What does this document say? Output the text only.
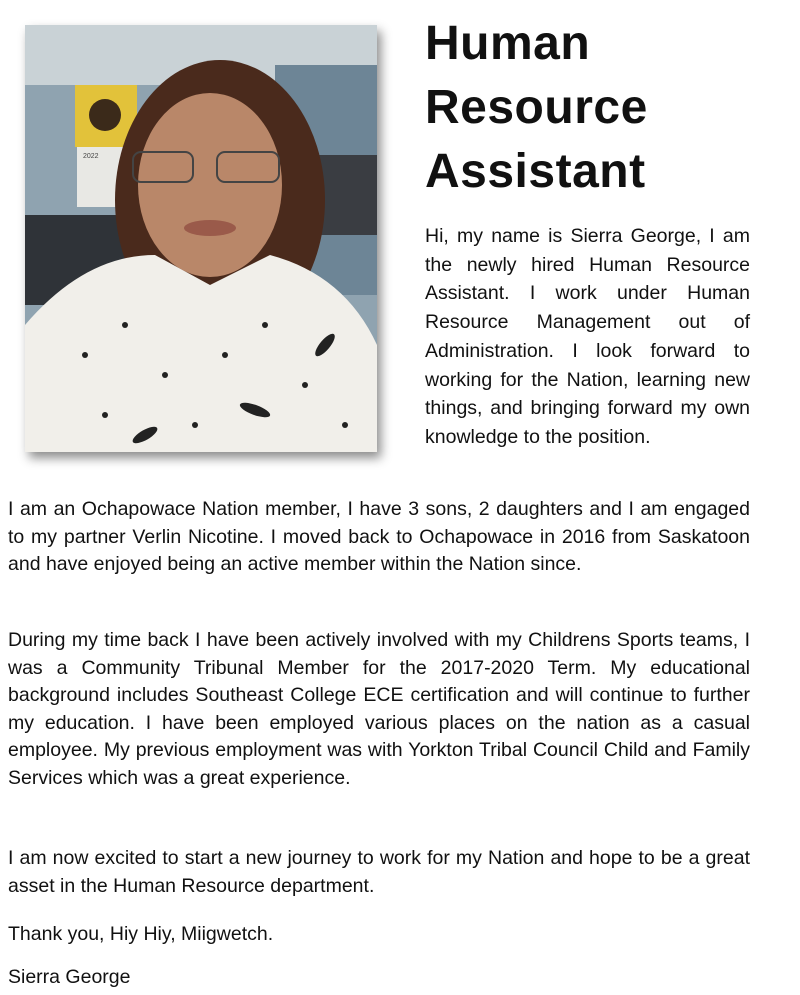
2022
Human
Resource
Assistant

Hi, my name is Sierra George, I am the newly hired Human Resource Assistant. I work under Human Resource Management out of Administration. I look forward to working for the Nation, learning new things, and bringing forward my own knowledge to the position.

I am an Ochapowace Nation member, I have 3 sons, 2 daughters and I am engaged to my partner Verlin Nicotine. I moved back to Ochapowace in 2016 from Saskatoon and have enjoyed being an active member within the Nation since.

During my time back I have been actively involved with my Childrens Sports teams, I was a Community Tribunal Member for the 2017-2020 Term. My educational background includes Southeast College ECE certification and will continue to further my education. I have been employed various places on the nation as a casual employee. My previous employment was with Yorkton Tribal Council Child and Family Services which was a great experience.

I am now excited to start a new journey to work for my Nation and hope to be a great asset in the Human Resource department.

Thank you, Hiy Hiy, Miigwetch.

Sierra George
